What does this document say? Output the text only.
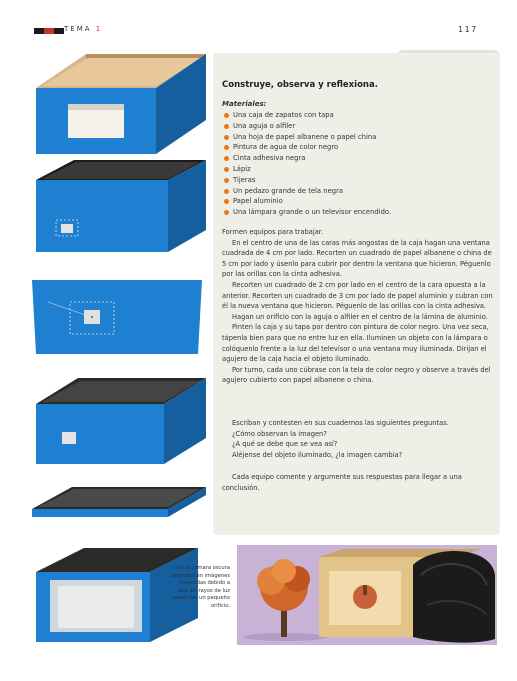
TEMA 1	117
Construye, observa y reflexiona.
Materiales:
Una caja de zapatos con tapa
Una aguja o alfiler
Una hoja de papel albanene o papel china
Pintura de agua de color negro
Cinta adhesiva negra
Lápiz
Tijeras
Un pedazo grande de tela negra
Papel aluminio
Una lámpara grande o un televisor encendido.

Formen equipos para trabajar.

En el centro de una de las caras más angostas de la caja hagan una ventana cuadrada de 4 cm por lado. Recorten un cuadrado de papel albanene o china de 5 cm por lado y úsenlo para cubrir por dentro la ventana que hicieron. Péguenlo por las orillas con la cinta adhesiva.

Recorten un cuadrado de 2 cm por lado en el centro de la cara opuesta a la anterior. Recorten un cuadrado de 3 cm por lado de papel aluminio y cubran con él la nueva ventana que hicieron. Péguenlo de las orillas con la cinta adhesiva.

Hagan un orificio con la aguja o alfiler en el centro de la lámina de aluminio.

Pinten la caja y su tapa por dentro con pintura de color negro. Una vez seca, tápenla bien para que no entre luz en ella. Iluminen un objeto con la lámpara o colóquenlo frente a la luz del televisor o una ventana muy iluminada. Dirijan el agujero de la caja hacia el objeto iluminado.

Por turno, cada uno cúbrase con la tela de color negro y observe a través del agujero cubierto con papel albanene o china.

Escriban y contesten en sus cuadernos las siguientes preguntas.

¿Cómo observan la imagen?

¿A qué se debe que se vea así?

Aléjense del objeto iluminado, ¿la imagen cambia?

Cada equipo comente y argumente sus respuestas para llegar a una conclusión.

En la cámara oscura se producen imágenes invertidas debido a que los rayos de luz pasan por un pequeño orificio.
